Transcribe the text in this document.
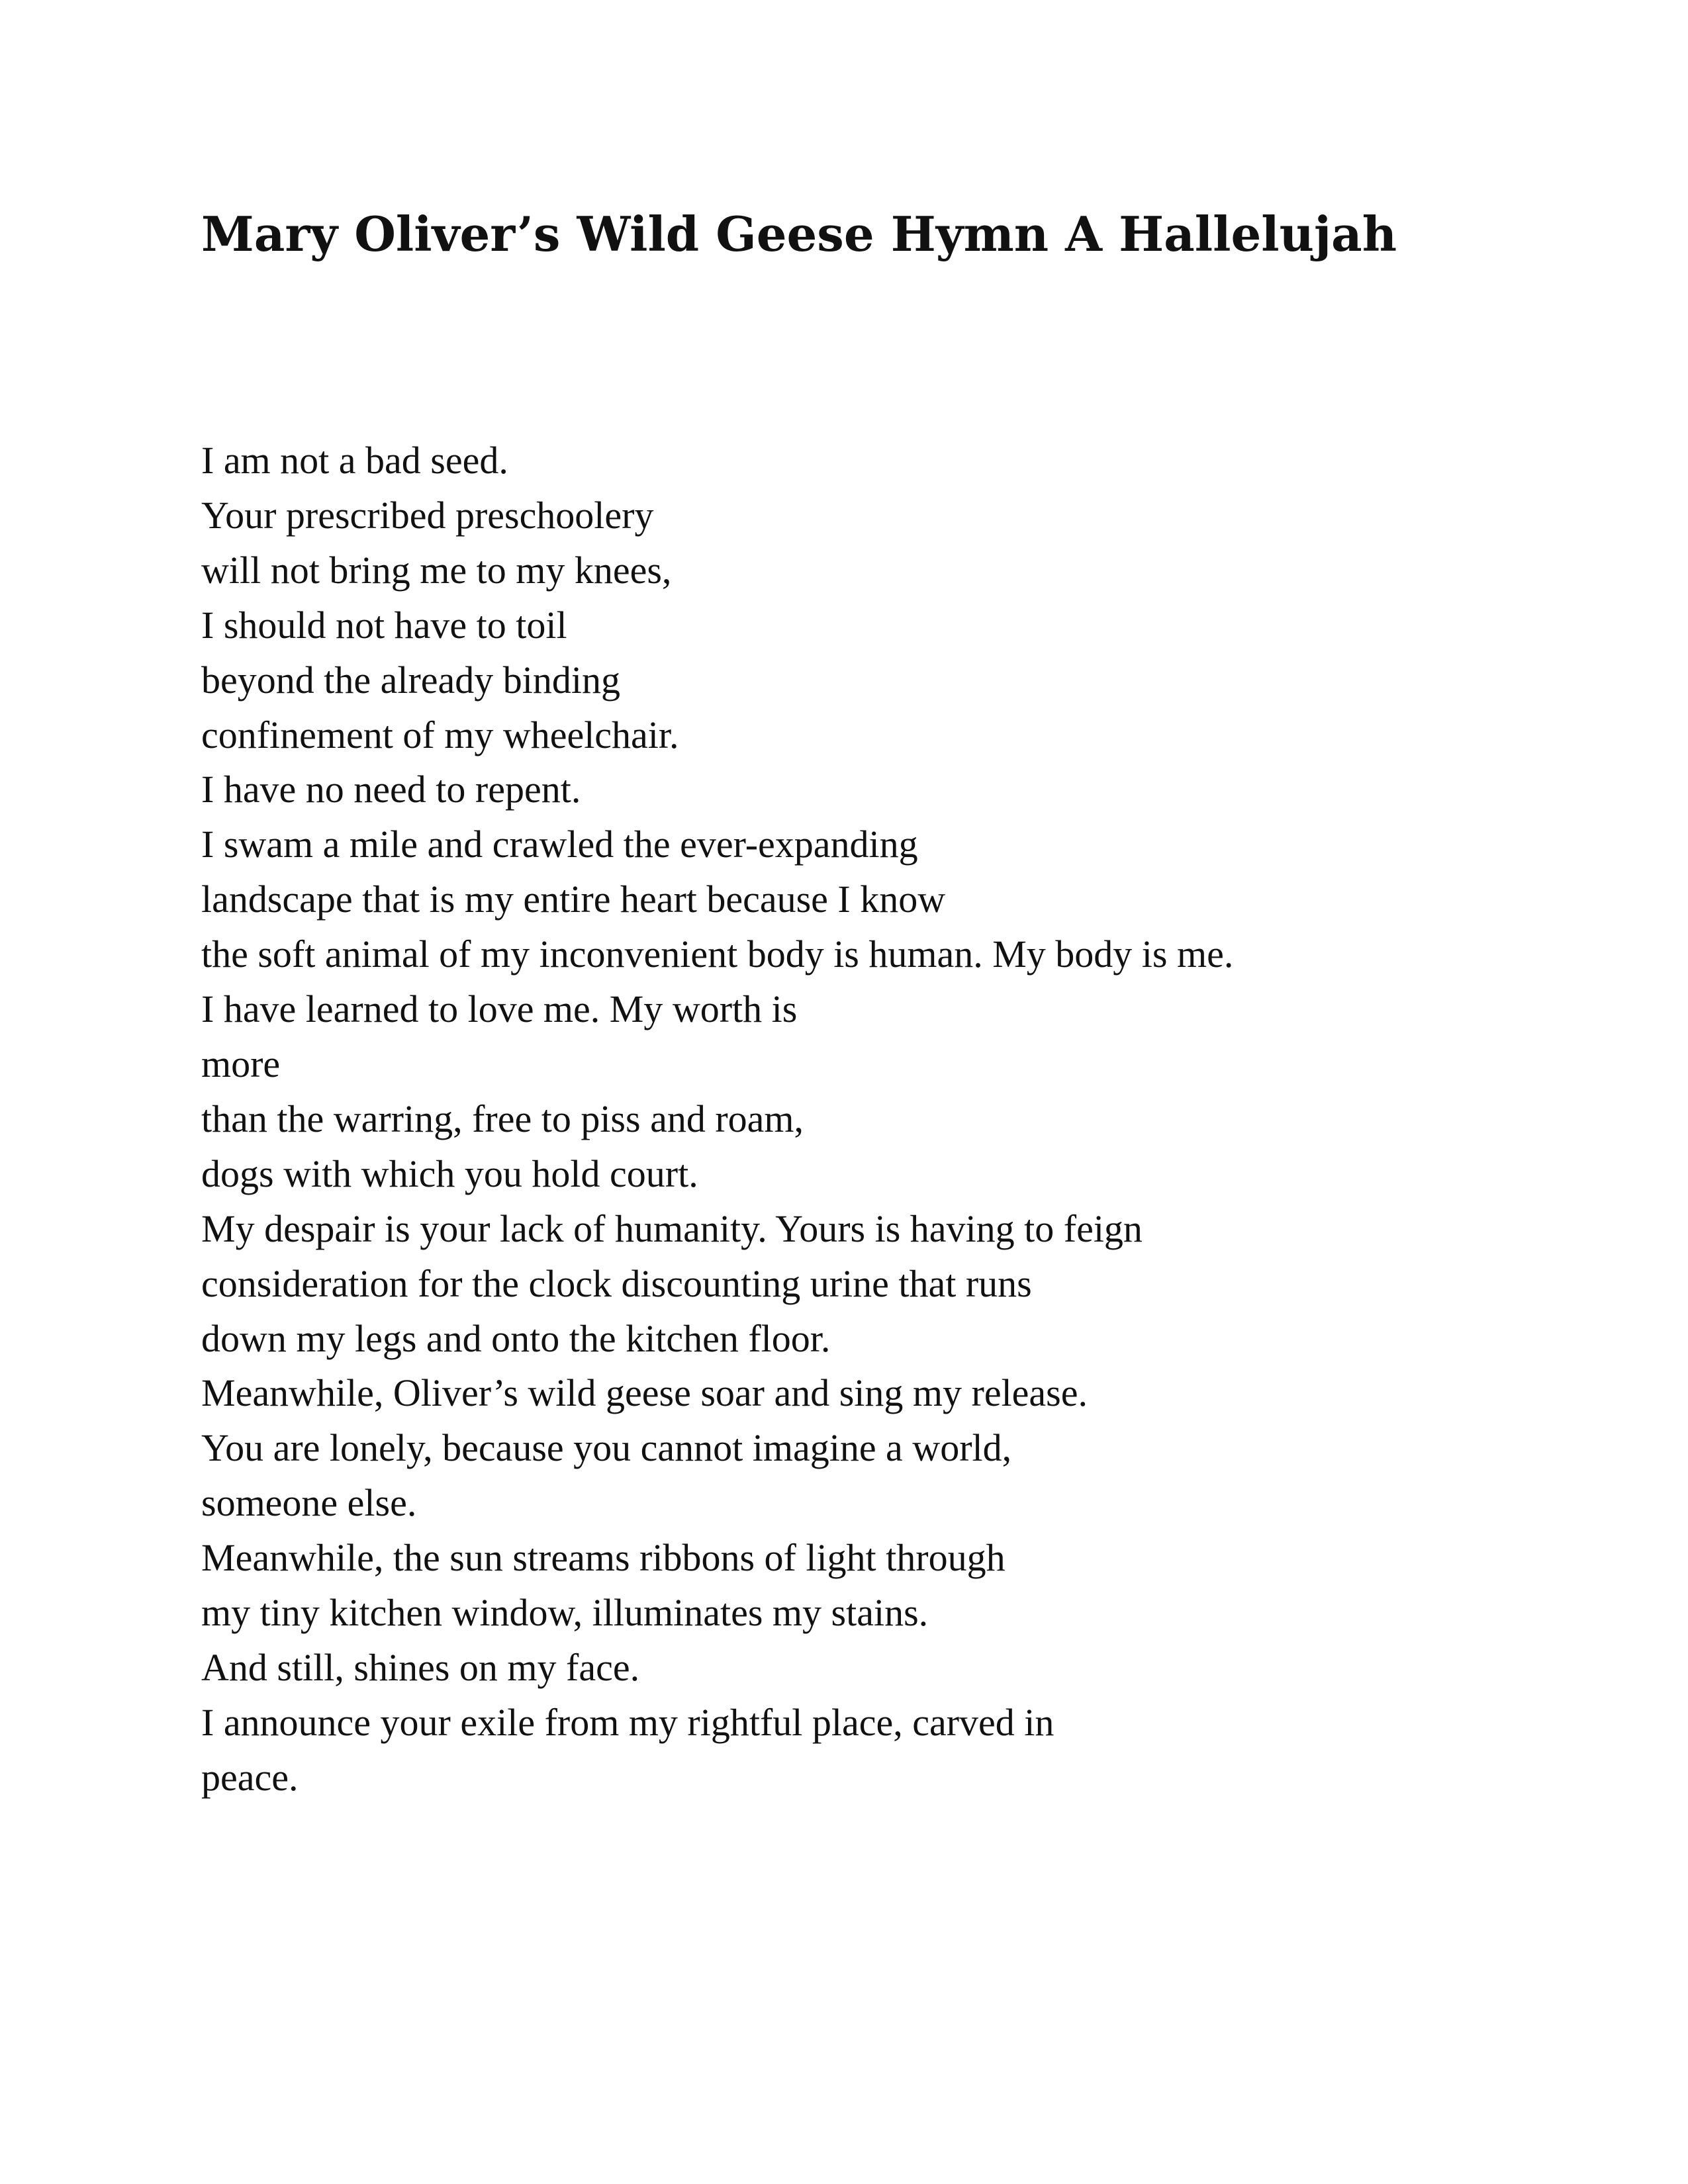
Mary Oliver’s Wild Geese Hymn A Hallelujah
I am not a bad seed.
Your prescribed preschoolery
will not bring me to my knees,
I should not have to toil
beyond the already binding
confinement of my wheelchair.
I have no need to repent.
I swam a mile and crawled the ever-expanding
landscape that is my entire heart because I know
the soft animal of my inconvenient body is human. My body is me.
I have learned to love me. My worth is
more
than the warring, free to piss and roam,
dogs with which you hold court.
My despair is your lack of humanity. Yours is having to feign
consideration for the clock discounting urine that runs
down my legs and onto the kitchen floor.
Meanwhile, Oliver’s wild geese soar and sing my release.
You are lonely, because you cannot imagine a world,
someone else.
Meanwhile, the sun streams ribbons of light through
my tiny kitchen window, illuminates my stains.
And still, shines on my face.
I announce your exile from my rightful place, carved in
peace.
